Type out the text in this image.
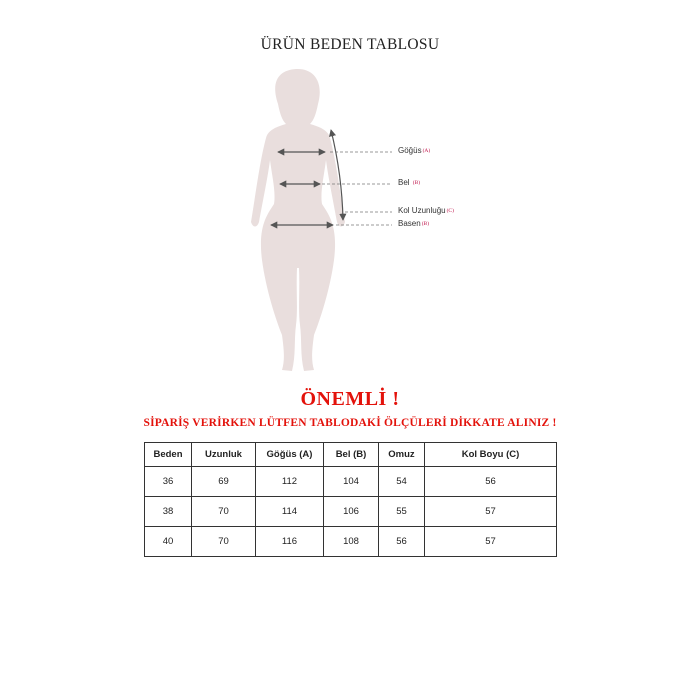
ÜRÜN BEDEN TABLOSU
Göğüs(A)
Bel (B)
Kol Uzunluğu(C)
Basen(B)
ÖNEMLİ !
SİPARİŞ VERİRKEN LÜTFEN TABLODAKİ ÖLÇÜLERİ DİKKATE ALINIZ !
Beden	Uzunluk	Göğüs (A)	Bel (B)	Omuz	Kol Boyu (C)
36	69	112	104	54	56
38	70	114	106	55	57
40	70	116	108	56	57
